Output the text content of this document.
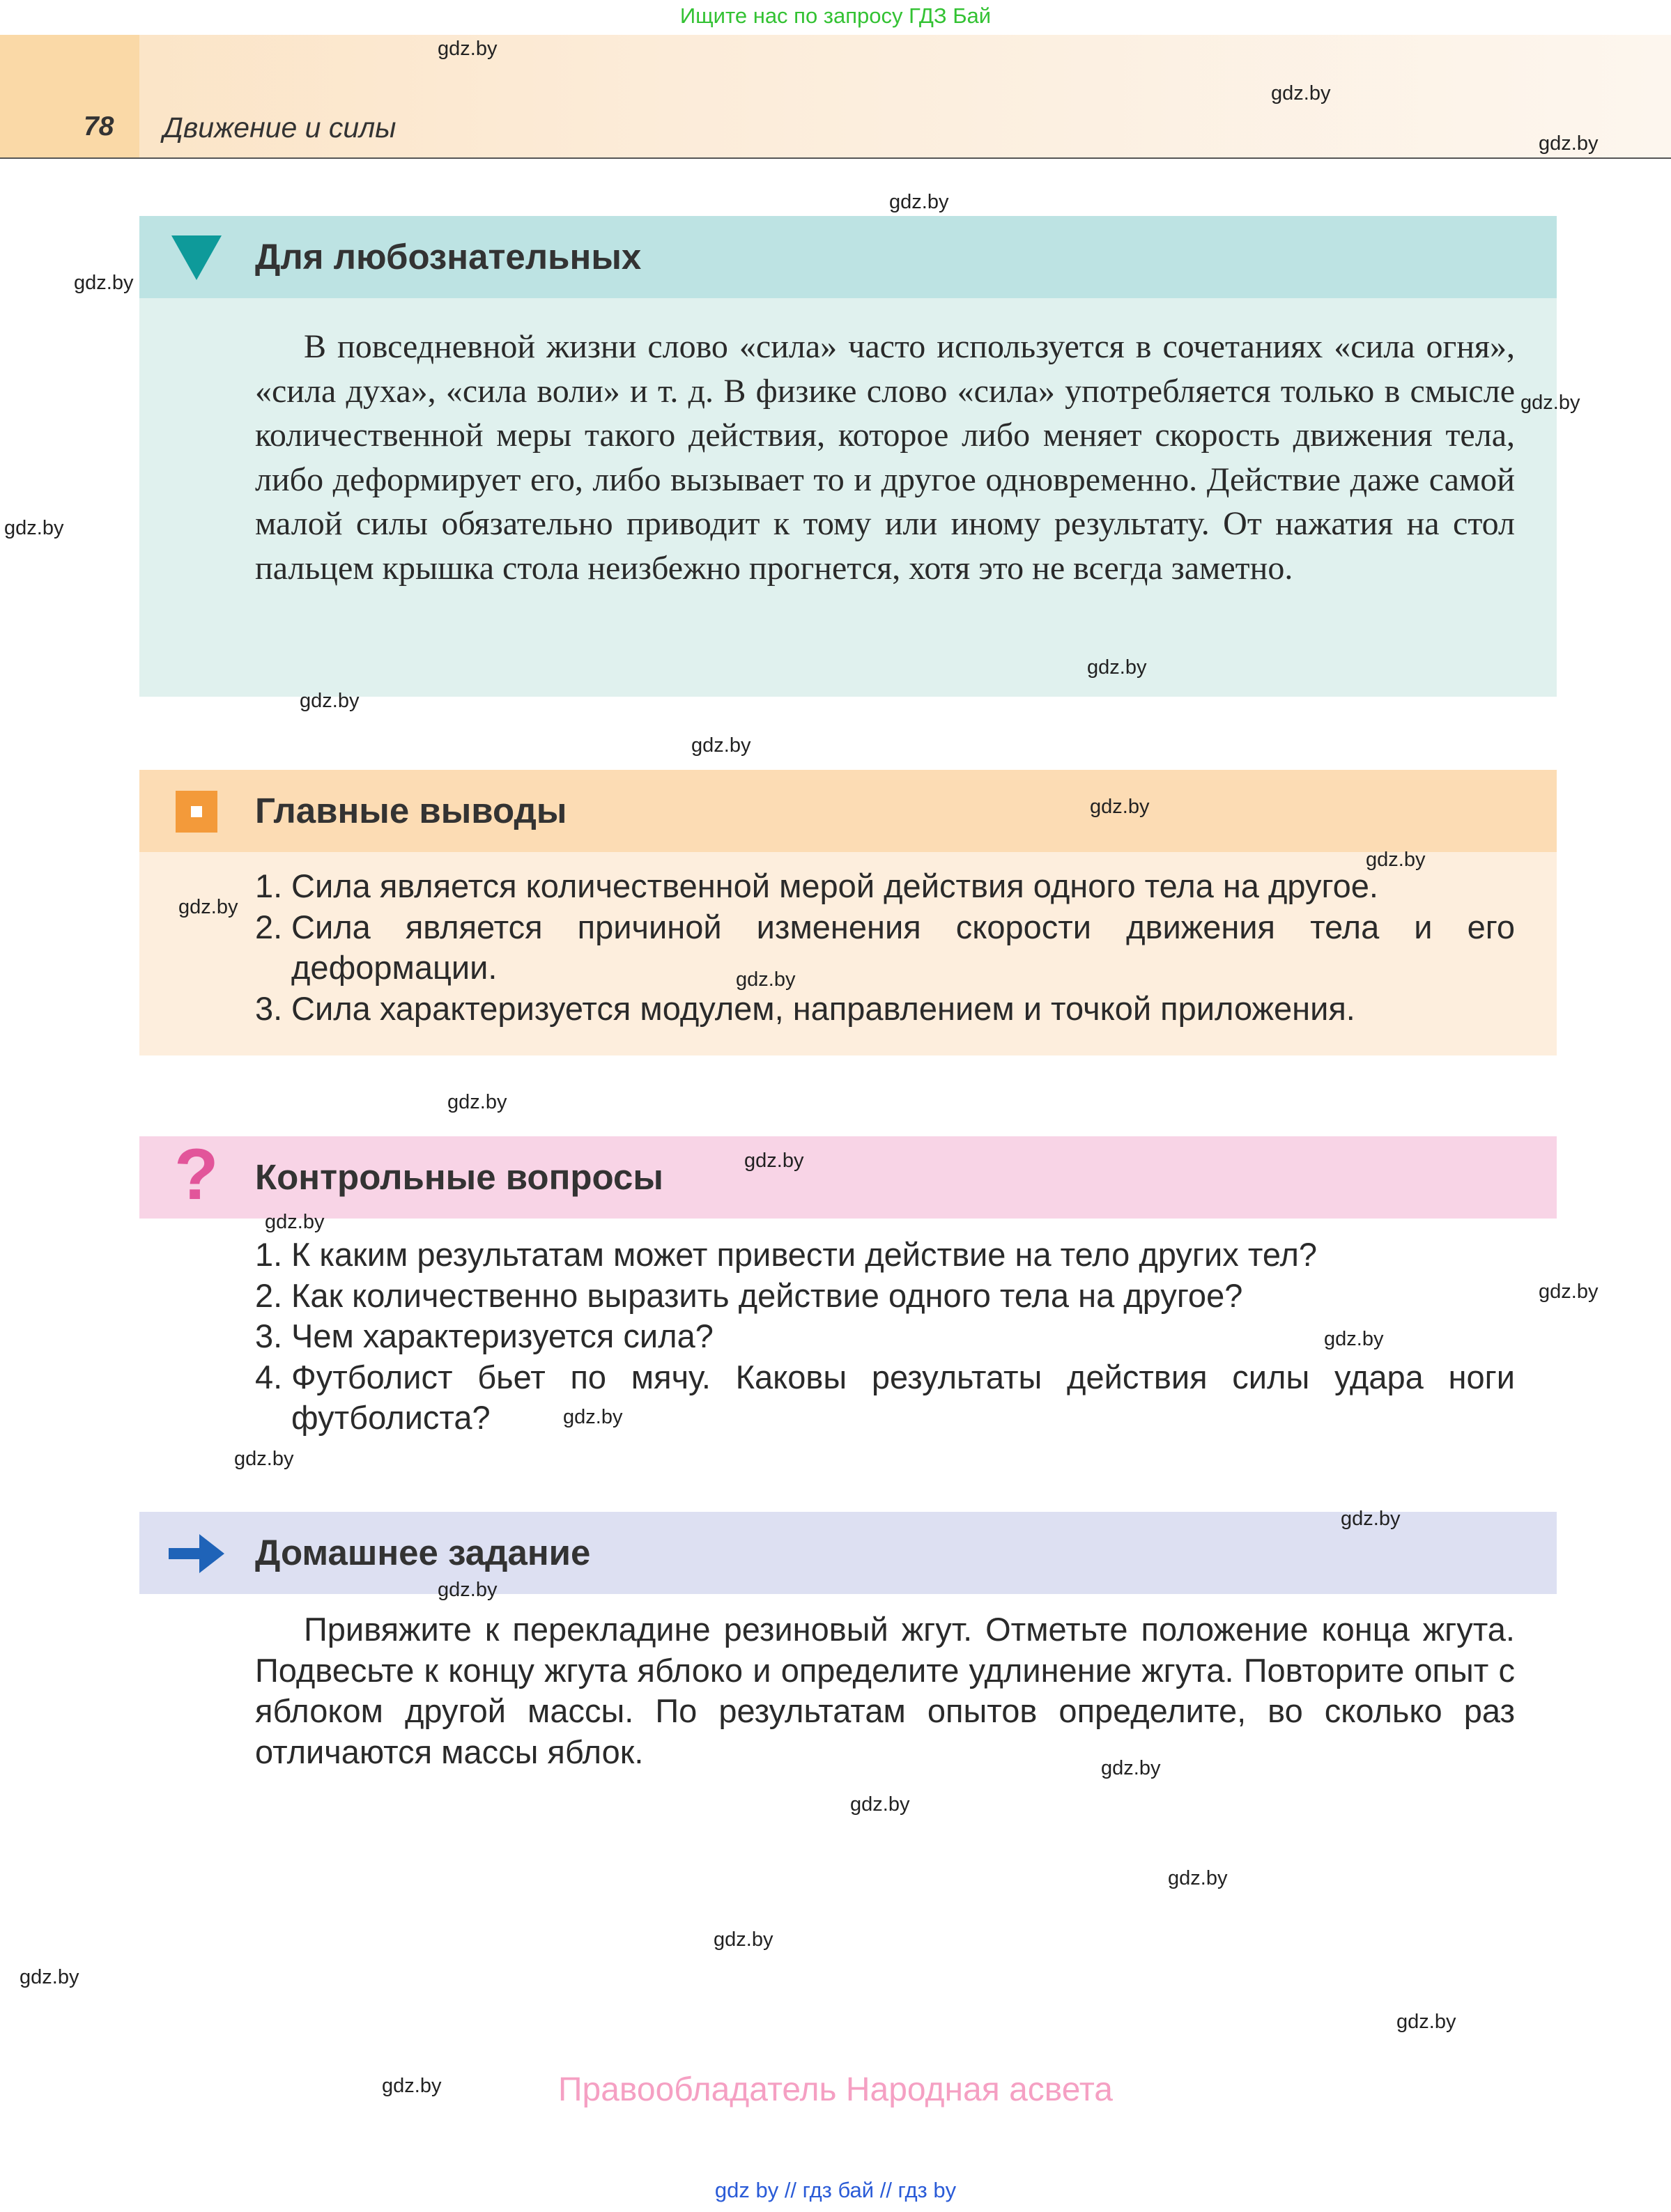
Ищите нас по запросу ГДЗ Бай
78 Движение и силы
Для любознательных

В повседневной жизни слово «сила» часто используется в сочетаниях «сила огня», «сила духа», «сила воли» и т. д. В физике слово «сила» употребляется только в смысле количественной меры такого действия, которое либо меняет скорость движения тела, либо деформирует его, либо вызывает то и другое одновременно. Действие даже самой малой силы обязательно приводит к тому или иному результату. От нажатия на стол пальцем крышка стола неизбежно прогнется, хотя это не всегда заметно.

Главные выводы
1. Сила является количественной мерой действия одного тела на другое.
2. Сила является причиной изменения скорости движения тела и его деформации.
3. Сила характеризуется модулем, направлением и точкой приложения.
? Контрольные вопросы
1. К каким результатам может привести действие на тело других тел?
2. Как количественно выразить действие одного тела на другое?
3. Чем характеризуется сила?
4. Футболист бьет по мячу. Каковы результаты действия силы удара ноги футболиста?
Домашнее задание

Привяжите к перекладине резиновый жгут. Отметьте положение конца жгута. Подвесьте к концу жгута яблоко и определите удлинение жгута. Повторите опыт с яблоком другой массы. По результатам опытов определите, во сколько раз отличаются массы яблок.

gdz.by
gdz.by
gdz.by
gdz.by
gdz.by
gdz.by
gdz.by
gdz.by
gdz.by
gdz.by
gdz.by
gdz.by
gdz.by
gdz.by
gdz.by
gdz.by
gdz.by
gdz.by
gdz.by
gdz.by
gdz.by
gdz.by
gdz.by
gdz.by
gdz.by
gdz.by
gdz.by
gdz.by
gdz.by
gdz.by	Правообладатель Народная асвета
gdz by // гдз бай // гдз by
